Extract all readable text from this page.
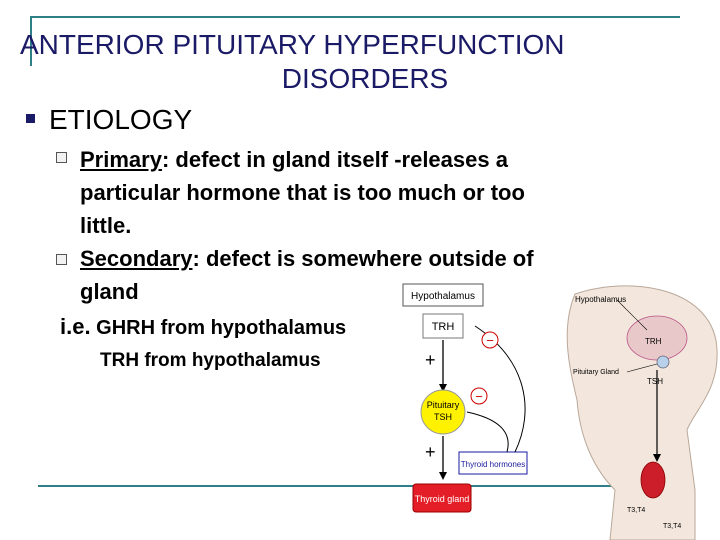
ANTERIOR PITUITARY HYPERFUNCTION
DISORDERS
ETIOLOGY
Primary: defect in gland itself -releases a
particular hormone that is too much or too
little.
Secondary: defect is somewhere outside of
gland
i.e. GHRH from hypothalamus
TRH from hypothalamus
Hypothalamus
TRH
+
Pituitary
TSH
+
Thyroid gland
Thyroid hormones
−
−
Hypothalamus
TRH
Pituitary Gland
TSH
T3,T4
T3,T4
